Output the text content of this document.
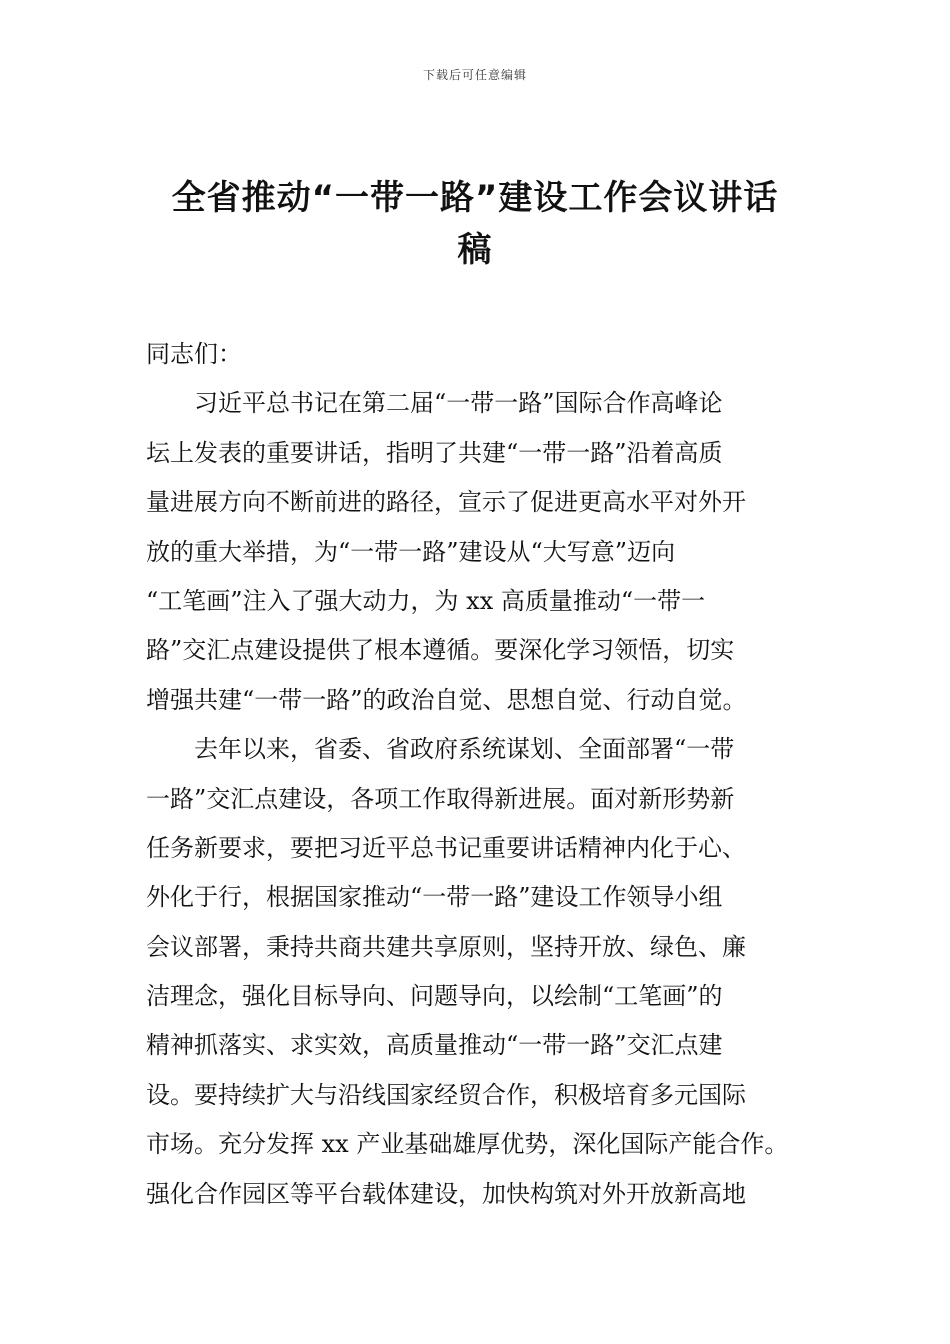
下载后可任意编辑
全省推动“一带一路”建设工作会议讲话
稿
同志们：
　　习近平总书记在第二届“一带一路”国际合作高峰论
坛上发表的重要讲话，指明了共建“一带一路”沿着高质
量进展方向不断前进的路径，宣示了促进更高水平对外开
放的重大举措，为“一带一路”建设从“大写意”迈向
“工笔画”注入了强大动力，为 xx 高质量推动“一带一
路”交汇点建设提供了根本遵循。要深化学习领悟，切实
增强共建“一带一路”的政治自觉、思想自觉、行动自觉。
　　去年以来，省委、省政府系统谋划、全面部署“一带
一路”交汇点建设，各项工作取得新进展。面对新形势新
任务新要求，要把习近平总书记重要讲话精神内化于心、
外化于行，根据国家推动“一带一路”建设工作领导小组
会议部署，秉持共商共建共享原则，坚持开放、绿色、廉
洁理念，强化目标导向、问题导向，以绘制“工笔画”的
精神抓落实、求实效，高质量推动“一带一路”交汇点建
设。要持续扩大与沿线国家经贸合作，积极培育多元国际
市场。充分发挥 xx 产业基础雄厚优势，深化国际产能合作。
强化合作园区等平台载体建设，加快构筑对外开放新高地
